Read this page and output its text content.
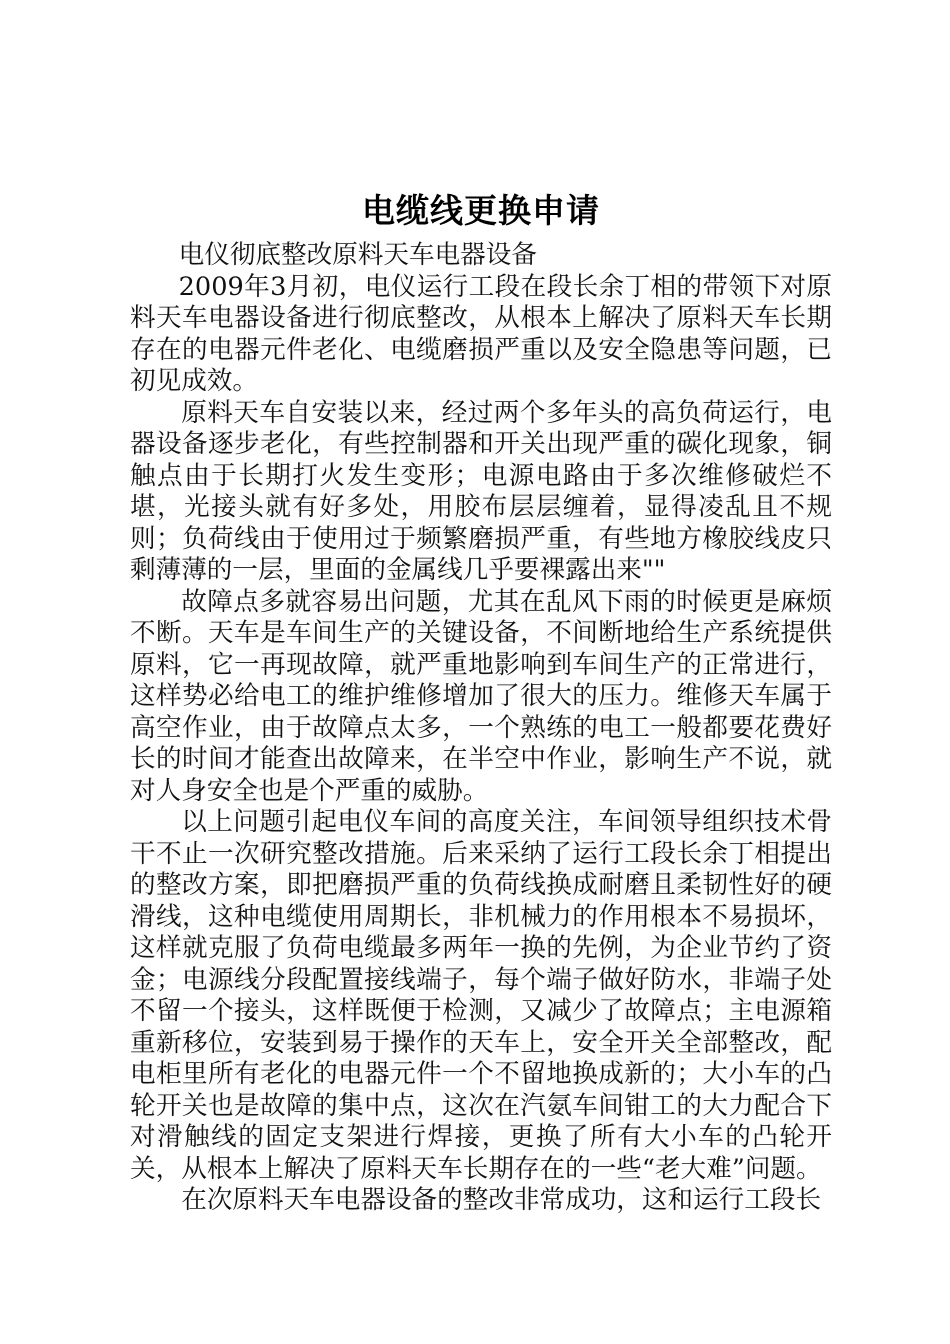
电缆线更换申请

电仪彻底整改原料天车电器设备

2009年3月初，电仪运行工段在段长余丁相的带领下对原料天车电器设备进行彻底整改，从根本上解决了原料天车长期存在的电器元件老化、电缆磨损严重以及安全隐患等问题，已初见成效。

原料天车自安装以来，经过两个多年头的高负荷运行，电器设备逐步老化，有些控制器和开关出现严重的碳化现象，铜触点由于长期打火发生变形；电源电路由于多次维修破烂不堪，光接头就有好多处，用胶布层层缠着，显得凌乱且不规则；负荷线由于使用过于频繁磨损严重，有些地方橡胶线皮只剩薄薄的一层，里面的金属线几乎要裸露出来""

故障点多就容易出问题，尤其在乱风下雨的时候更是麻烦不断。天车是车间生产的关键设备，不间断地给生产系统提供原料，它一再现故障，就严重地影响到车间生产的正常进行，这样势必给电工的维护维修增加了很大的压力。维修天车属于高空作业，由于故障点太多，一个熟练的电工一般都要花费好长的时间才能查出故障来，在半空中作业，影响生产不说，就对人身安全也是个严重的威胁。

以上问题引起电仪车间的高度关注，车间领导组织技术骨干不止一次研究整改措施。后来采纳了运行工段长余丁相提出的整改方案，即把磨损严重的负荷线换成耐磨且柔韧性好的硬滑线，这种电缆使用周期长，非机械力的作用根本不易损坏，这样就克服了负荷电缆最多两年一换的先例，为企业节约了资金；电源线分段配置接线端子，每个端子做好防水，非端子处不留一个接头，这样既便于检测，又减少了故障点；主电源箱重新移位，安装到易于操作的天车上，安全开关全部整改，配电柜里所有老化的电器元件一个不留地换成新的；大小车的凸轮开关也是故障的集中点，这次在汽氨车间钳工的大力配合下对滑触线的固定支架进行焊接，更换了所有大小车的凸轮开关，从根本上解决了原料天车长期存在的一些“老大难”问题。

在次原料天车电器设备的整改非常成功，这和运行工段长
